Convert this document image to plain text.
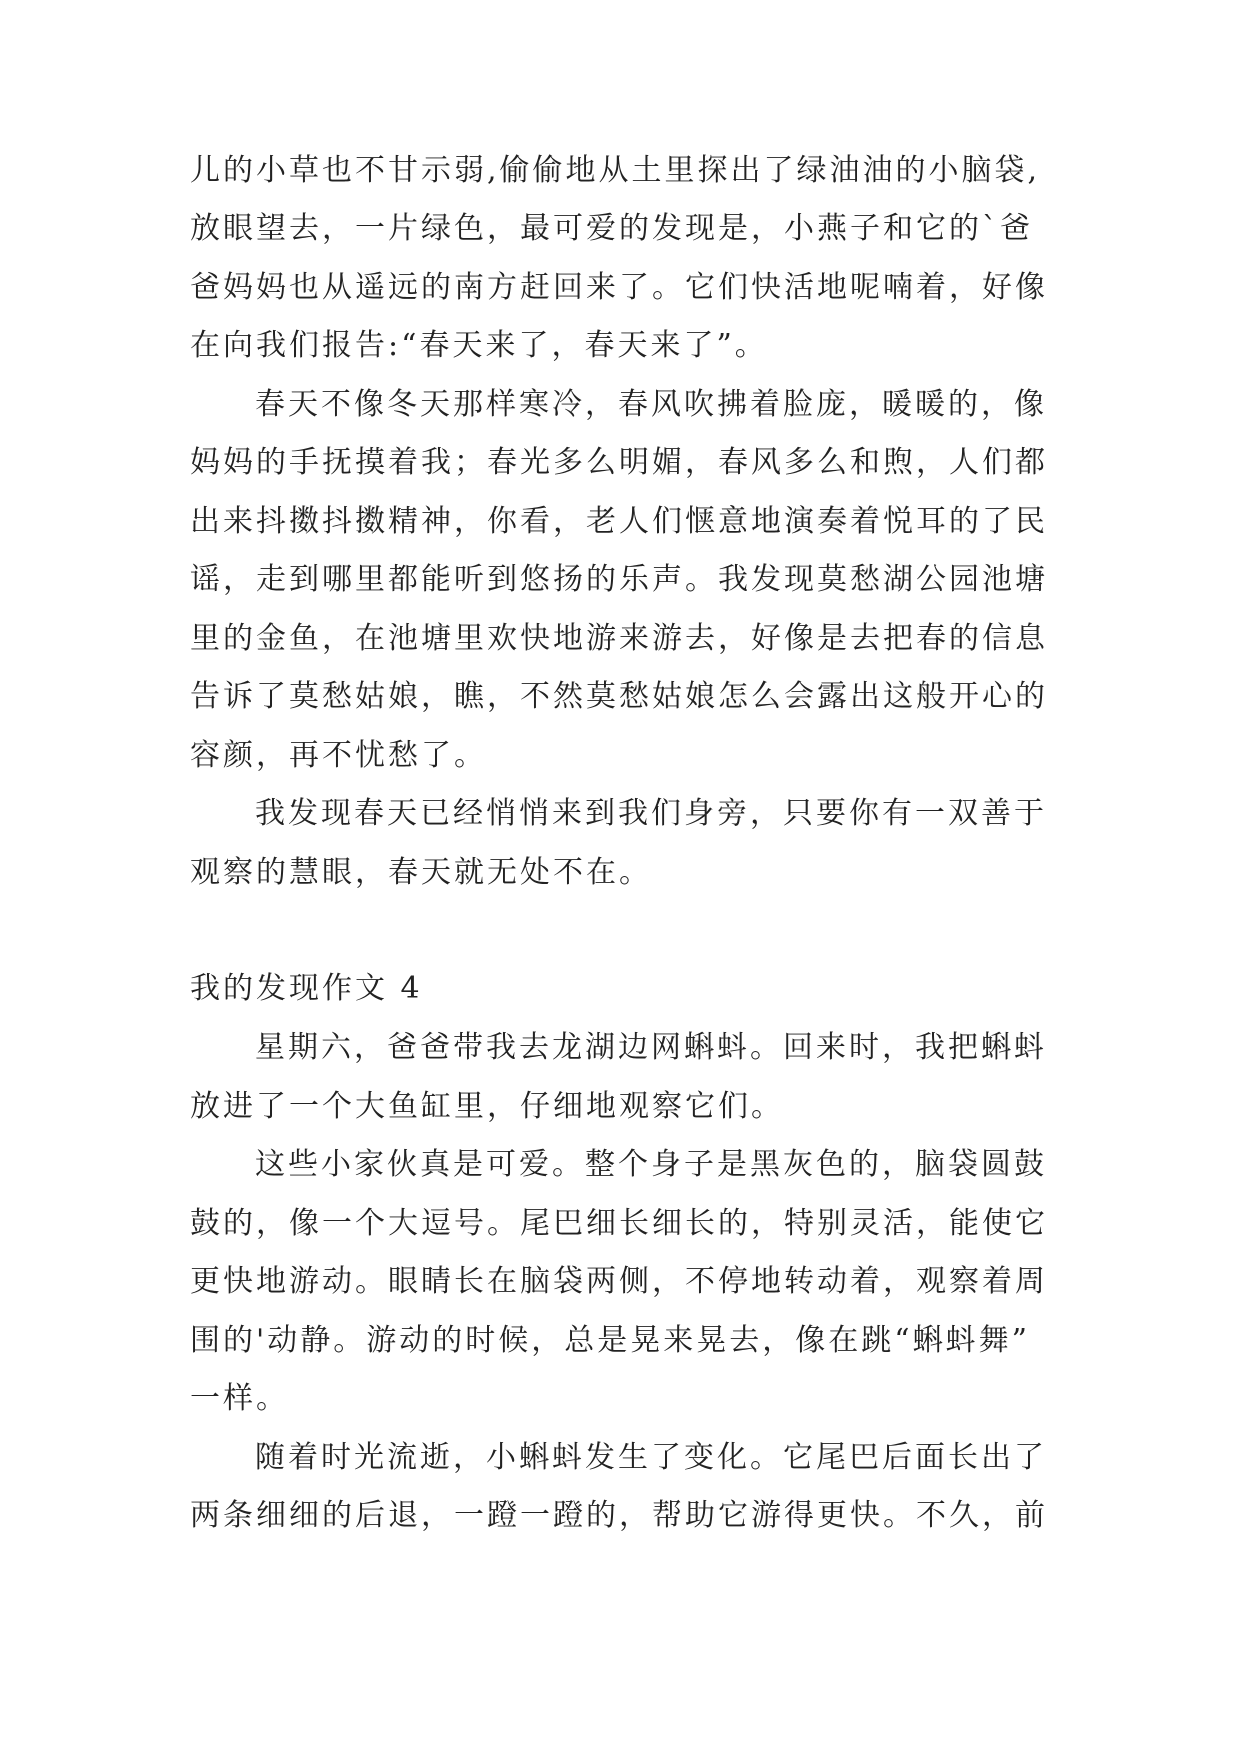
儿的小草也不甘示弱,偷偷地从土里探出了绿油油的小脑袋,
放眼望去，一片绿色，最可爱的发现是，小燕子和它的`爸
爸妈妈也从遥远的南方赶回来了。它们快活地呢喃着，好像
在向我们报告:“春天来了，春天来了”。
春天不像冬天那样寒冷，春风吹拂着脸庞，暖暖的，像
妈妈的手抚摸着我；春光多么明媚，春风多么和煦，人们都
出来抖擞抖擞精神，你看，老人们惬意地演奏着悦耳的了民
谣，走到哪里都能听到悠扬的乐声。我发现莫愁湖公园池塘
里的金鱼，在池塘里欢快地游来游去，好像是去把春的信息
告诉了莫愁姑娘，瞧，不然莫愁姑娘怎么会露出这般开心的
容颜，再不忧愁了。
我发现春天已经悄悄来到我们身旁，只要你有一双善于
观察的慧眼，春天就无处不在。
我的发现作文 4
星期六，爸爸带我去龙湖边网蝌蚪。回来时，我把蝌蚪
放进了一个大鱼缸里，仔细地观察它们。
这些小家伙真是可爱。整个身子是黑灰色的，脑袋圆鼓
鼓的，像一个大逗号。尾巴细长细长的，特别灵活，能使它
更快地游动。眼睛长在脑袋两侧，不停地转动着，观察着周
围的'动静。游动的时候，总是晃来晃去，像在跳“蝌蚪舞”
一样。
随着时光流逝，小蝌蚪发生了变化。它尾巴后面长出了
两条细细的后退，一蹬一蹬的，帮助它游得更快。不久，前
